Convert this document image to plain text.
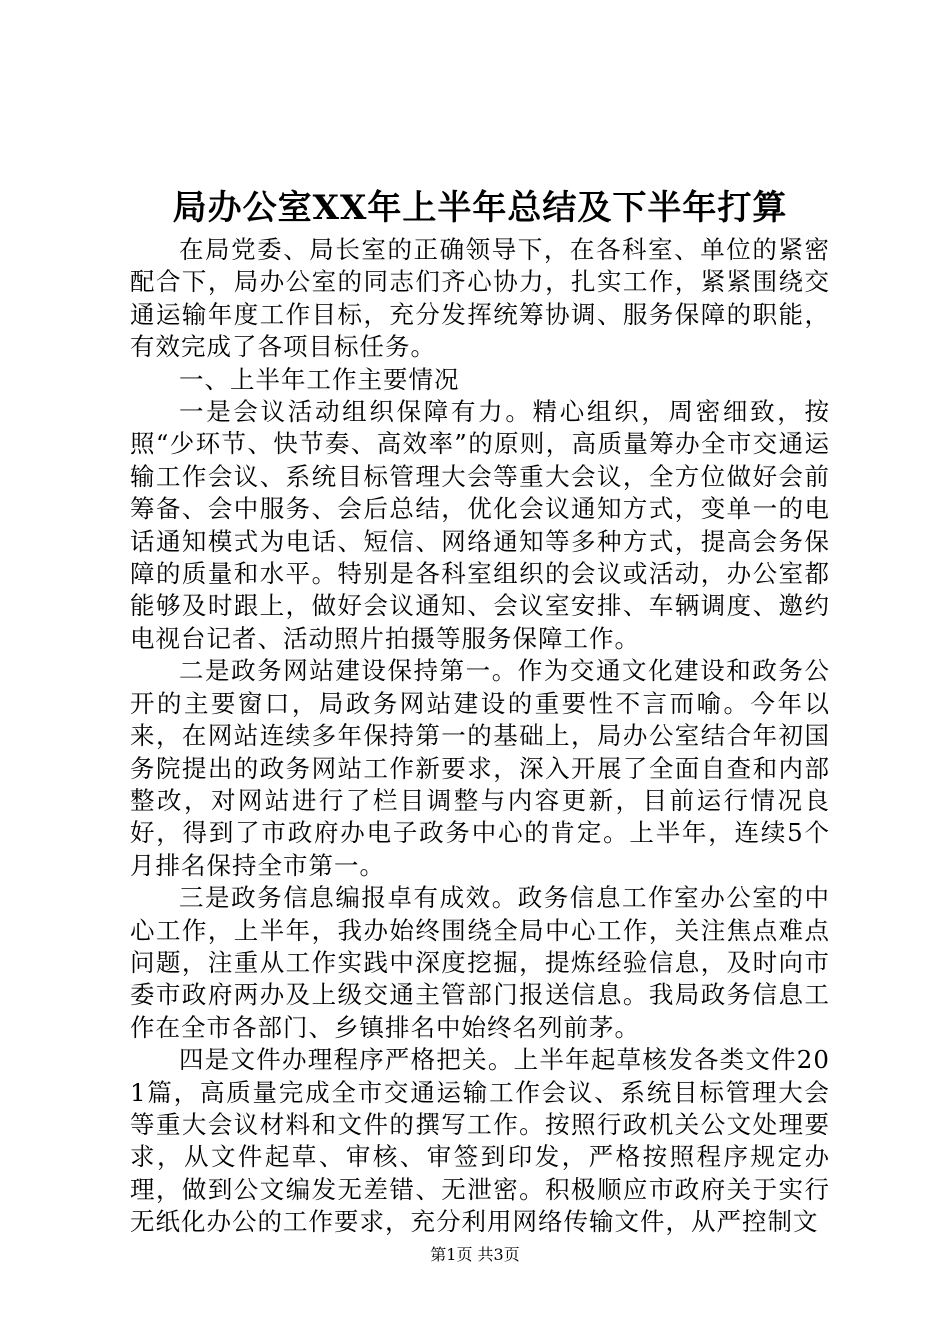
局办公室XX年上半年总结及下半年打算

在局党委、局长室的正确领导下，在各科室、单位的紧密配合下，局办公室的同志们齐心协力，扎实工作，紧紧围绕交通运输年度工作目标，充分发挥统筹协调、服务保障的职能，有效完成了各项目标任务。

一、上半年工作主要情况

一是会议活动组织保障有力。精心组织，周密细致，按照“少环节、快节奏、高效率”的原则，高质量筹办全市交通运输工作会议、系统目标管理大会等重大会议，全方位做好会前筹备、会中服务、会后总结，优化会议通知方式，变单一的电话通知模式为电话、短信、网络通知等多种方式，提高会务保障的质量和水平。特别是各科室组织的会议或活动，办公室都能够及时跟上，做好会议通知、会议室安排、车辆调度、邀约电视台记者、活动照片拍摄等服务保障工作。

二是政务网站建设保持第一。作为交通文化建设和政务公开的主要窗口，局政务网站建设的重要性不言而喻。今年以来，在网站连续多年保持第一的基础上，局办公室结合年初国务院提出的政务网站工作新要求，深入开展了全面自查和内部整改，对网站进行了栏目调整与内容更新，目前运行情况良好，得到了市政府办电子政务中心的肯定。上半年，连续5个月排名保持全市第一。

三是政务信息编报卓有成效。政务信息工作室办公室的中心工作，上半年，我办始终围绕全局中心工作，关注焦点难点问题，注重从工作实践中深度挖掘，提炼经验信息，及时向市委市政府两办及上级交通主管部门报送信息。我局政务信息工作在全市各部门、乡镇排名中始终名列前茅。

四是文件办理程序严格把关。上半年起草核发各类文件201篇，高质量完成全市交通运输工作会议、系统目标管理大会等重大会议材料和文件的撰写工作。按照行政机关公文处理要求，从文件起草、审核、审签到印发，严格按照程序规定办理，做到公文编发无差错、无泄密。积极顺应市政府关于实行无纸化办公的工作要求，充分利用网络传输文件，从严控制文

第1页 共3页
